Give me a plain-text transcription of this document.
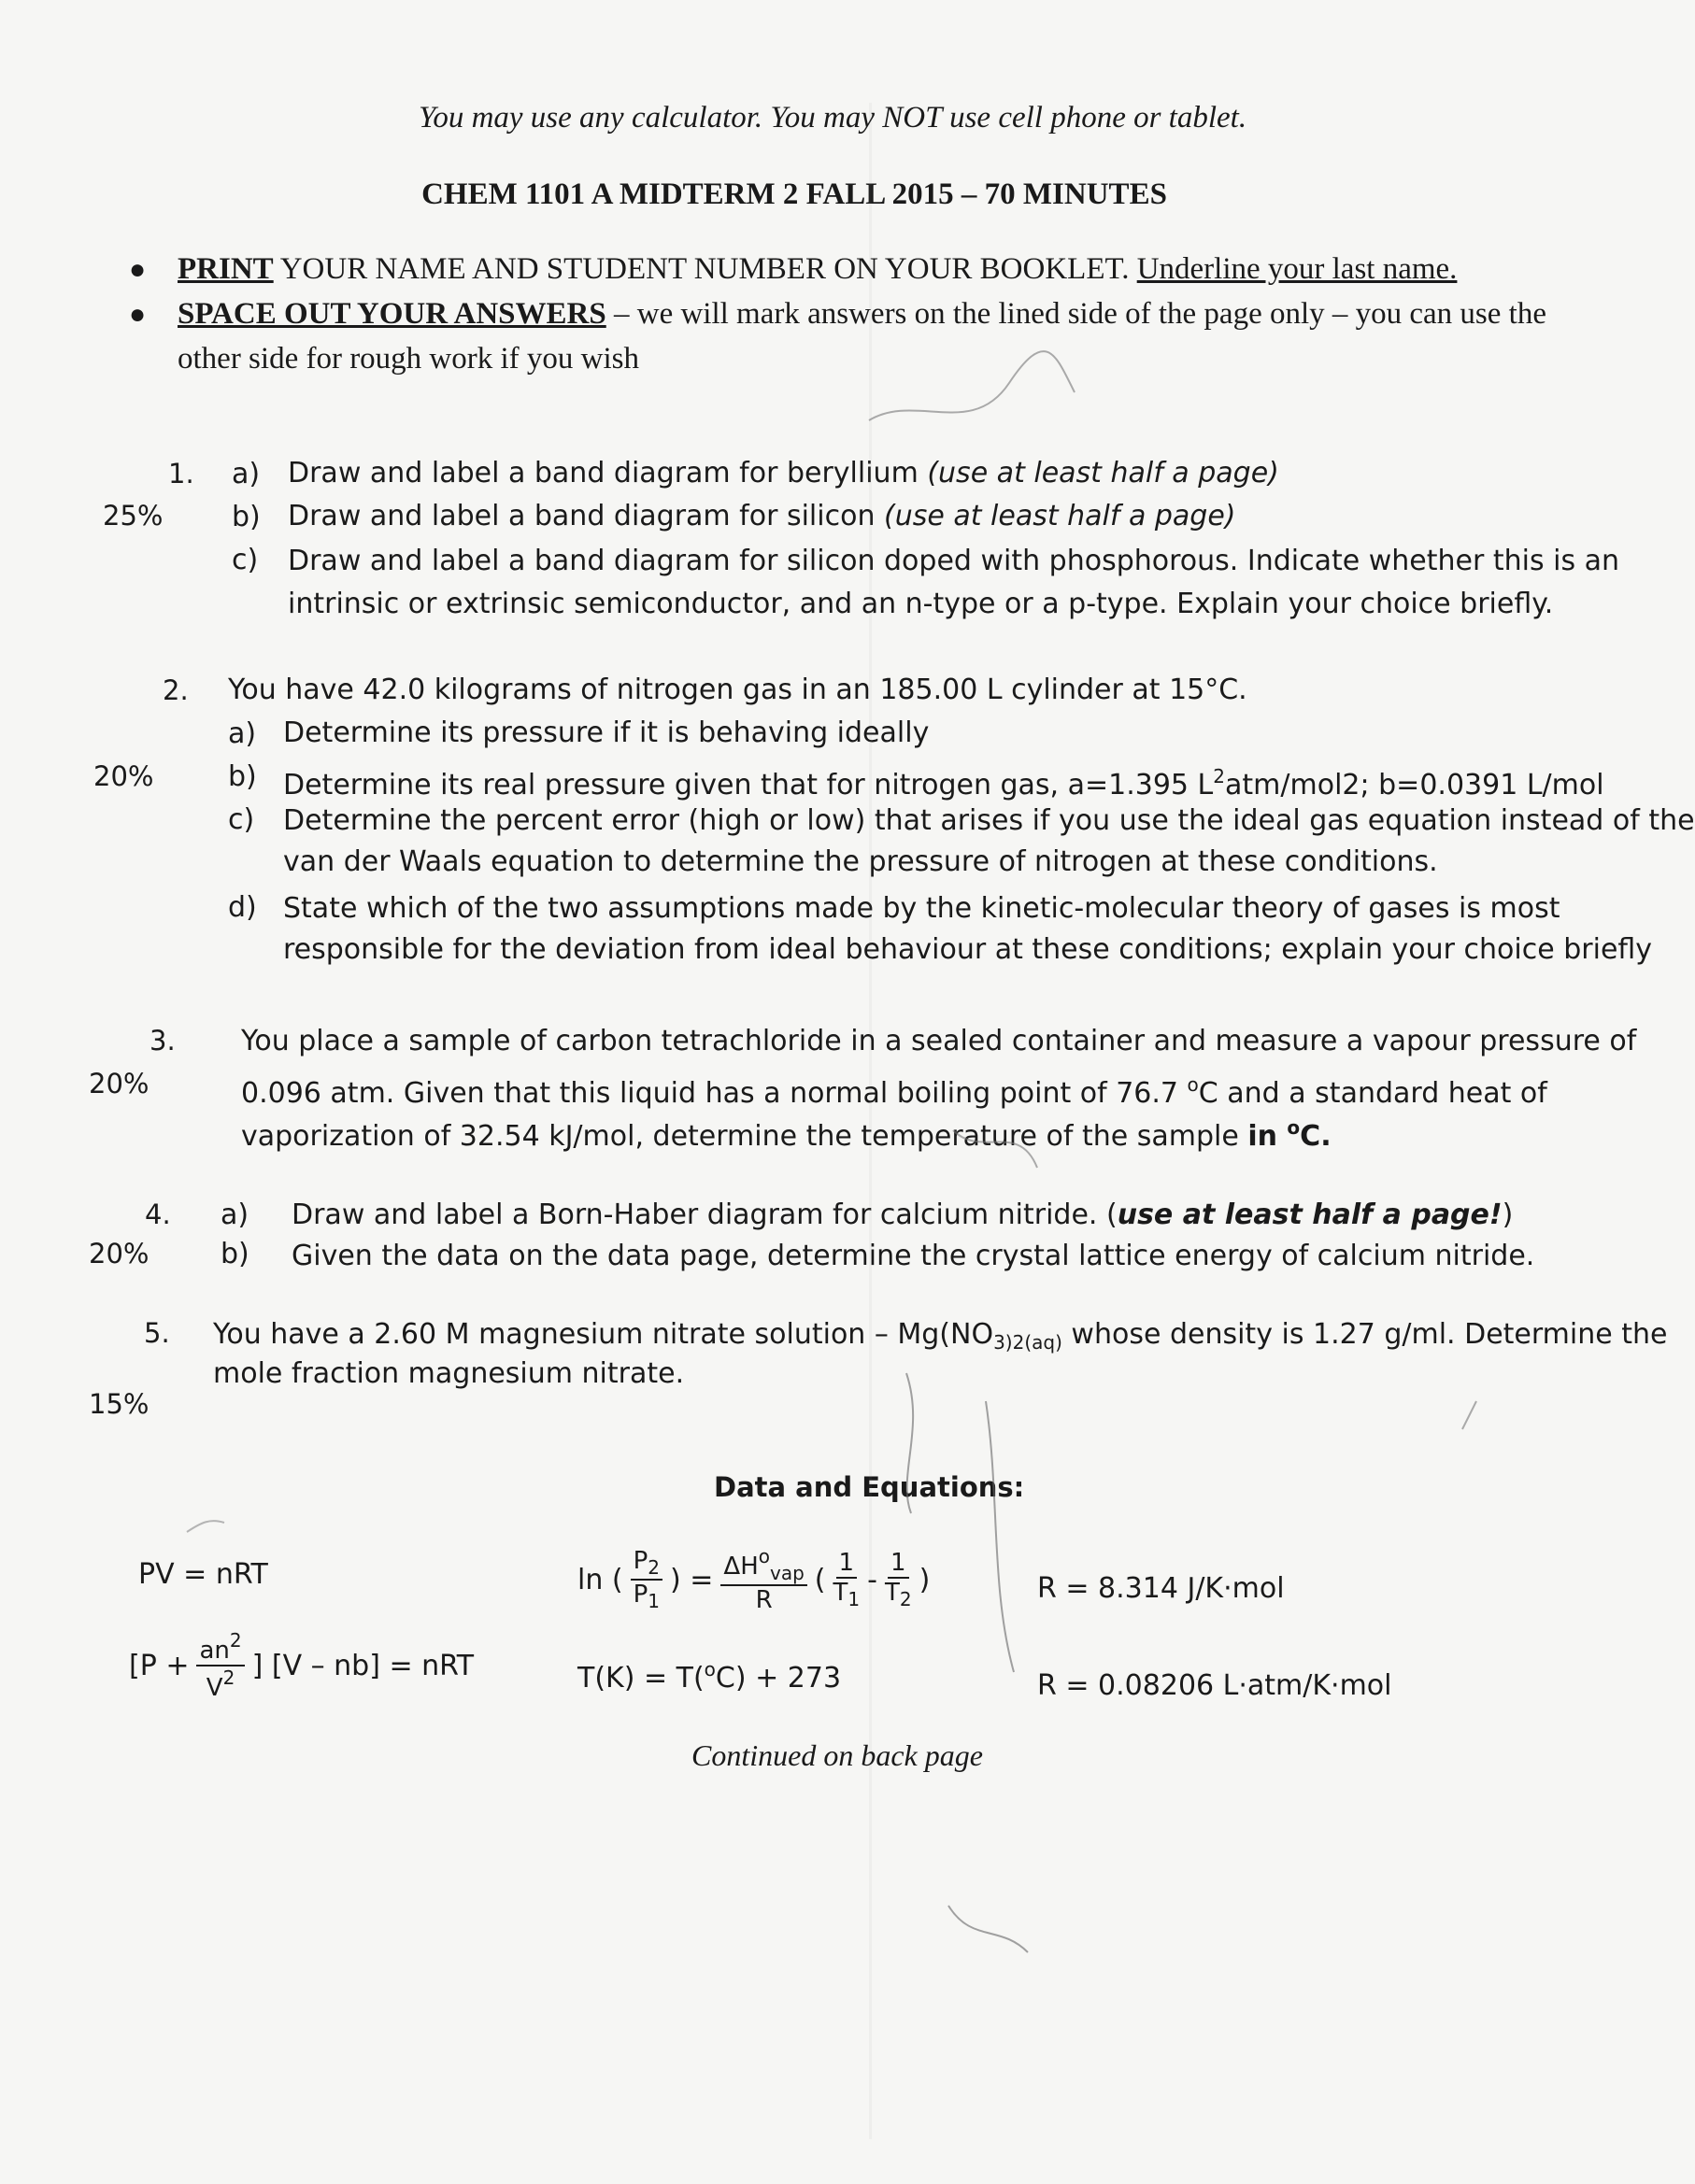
You may use any calculator. You may NOT use cell phone or tablet.
CHEM 1101 A MIDTERM 2 FALL 2015 – 70 MINUTES
● PRINT YOUR NAME AND STUDENT NUMBER ON YOUR BOOKLET. Underline your last name.
● SPACE OUT YOUR ANSWERS – we will mark answers on the lined side of the page only – you can use the
other side for rough work if you wish
1.
25%
a) Draw and label a band diagram for beryllium (use at least half a page)
b) Draw and label a band diagram for silicon (use at least half a page)
c) Draw and label a band diagram for silicon doped with phosphorous. Indicate whether this is an
intrinsic or extrinsic semiconductor, and an n-type or a p-type. Explain your choice briefly.
2.
20%
You have 42.0 kilograms of nitrogen gas in an 185.00 L cylinder at 15°C.
a) Determine its pressure if it is behaving ideally
b) Determine its real pressure given that for nitrogen gas, a=1.395 $L^2atm/mol2$; b=0.0391 L/mol
c) Determine the percent error (high or low) that arises if you use the ideal gas equation instead of the
van der Waals equation to determine the pressure of nitrogen at these conditions.
d) State which of the two assumptions made by the kinetic-molecular theory of gases is most
responsible for the deviation from ideal behaviour at these conditions; explain your choice briefly
3.
20%
You place a sample of carbon tetrachloride in a sealed container and measure a vapour pressure of
0.096 atm. Given that this liquid has a normal boiling point of 76.7 $^o$C and a standard heat of
vaporization of 32.54 kJ/mol, determine the temperature of the sample in $^o$C.
4.
20%
a) Draw and label a Born-Haber diagram for calcium nitride. (use at least half a page!)
b) Given the data on the data page, determine the crystal lattice energy of calcium nitride.
5.
15%
You have a 2.60 M magnesium nitrate solution – $Mg(NO_{3)2(aq)}$ whose density is 1.27 g/ml. Determine the
mole fraction magnesium nitrate.
Data and Equations:
PV = nRT	ln ( $\frac{P_2}{P_1}$ ) = $\frac{\Delta H^o_{vap}}{R}$ ( $\frac{1}{T_1} - \frac{1}{T_2}$ )	R = 8.314 J/K·mol
[$P + \frac{an^2}{V^2}$ ] [V – nb] = nRT	T(K) = T($^o$C) + 273	R = 0.08206 L·atm/K·mol
Continued on back page
